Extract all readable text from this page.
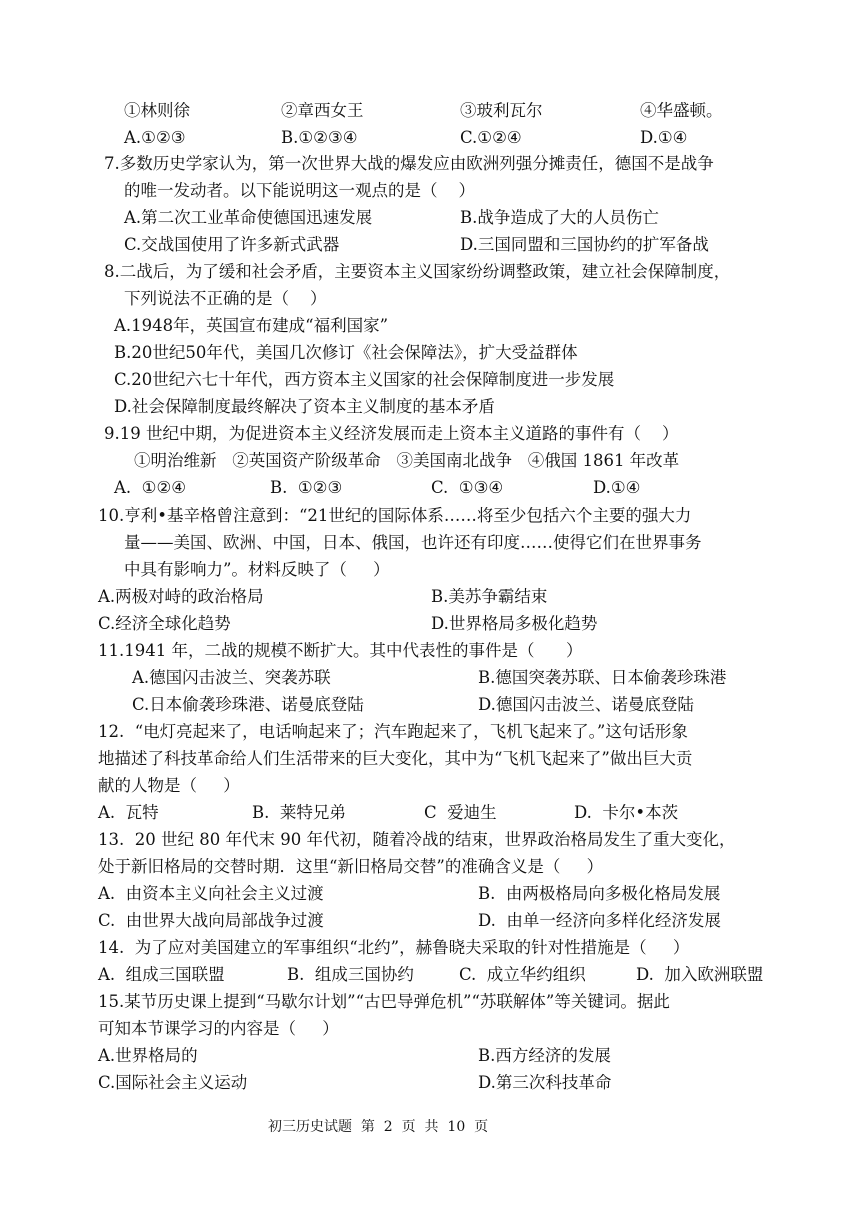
①林则徐	②章西女王	③玻利瓦尔	④华盛顿。

A.①②③	B.①②③④	C.①②④	D.①④

7.多数历史学家认为，第一次世界大战的爆发应由欧洲列强分摊责任，德国不是战争

的唯一发动者。以下能说明这一观点的是（    ）

A.第二次工业革命使德国迅速发展	B.战争造成了大的人员伤亡

C.交战国使用了许多新式武器	D.三国同盟和三国协约的扩军备战

8.二战后，为了缓和社会矛盾，主要资本主义国家纷纷调整政策，建立社会保障制度，

下列说法不正确的是（    ）

A.1948年，英国宣布建成“福利国家”

B.20世纪50年代，美国几次修订《社会保障法》，扩大受益群体

C.20世纪六七十年代，西方资本主义国家的社会保障制度进一步发展

D.社会保障制度最终解决了资本主义制度的基本矛盾

9.19 世纪中期，为促进资本主义经济发展而走上资本主义道路的事件有（    ）

①明治维新   ②英国资产阶级革命   ③美国南北战争   ④俄国 1861 年改革

A.  ①②④	B.  ①②③	C.  ①③④	D.①④

10.亨利•基辛格曾注意到：“21世纪的国际体系……将至少包括六个主要的强大力

量——美国、欧洲、中国，日本、俄国，也许还有印度……使得它们在世界事务

中具有影响力”。材料反映了（     ）

A.两极对峙的政治格局	B.美苏争霸结束

C.经济全球化趋势	D.世界格局多极化趋势

11.1941 年，二战的规模不断扩大。其中代表性的事件是（      ）

A.德国闪击波兰、突袭苏联	B.德国突袭苏联、日本偷袭珍珠港

C.日本偷袭珍珠港、诺曼底登陆	D.德国闪击波兰、诺曼底登陆

12.  “电灯亮起来了，电话响起来了；汽车跑起来了，飞机飞起来了。”这句话形象

地描述了科技革命给人们生活带来的巨大变化，其中为“飞机飞起来了”做出巨大贡

献的人物是（     ）

A.  瓦特	B.  莱特兄弟	C  爱迪生	D.  卡尔•本茨

13.  20 世纪 80 年代末 90 年代初，随着冷战的结束，世界政治格局发生了重大变化，

处于新旧格局的交替时期．这里“新旧格局交替”的准确含义是（     ）

A.  由资本主义向社会主义过渡	B.  由两极格局向多极化格局发展

C.  由世界大战向局部战争过渡	D.  由单一经济向多样化经济发展

14.  为了应对美国建立的军事组织“北约”，赫鲁晓夫采取的针对性措施是（     ）

A.  组成三国联盟	B.  组成三国协约	C.  成立华约组织	D.  加入欧洲联盟

15.某节历史课上提到“马歇尔计划”“古巴导弹危机”“苏联解体”等关键词。据此

可知本节课学习的内容是（     ）

A.世界格局的	B.西方经济的发展

C.国际社会主义运动	D.第三次科技革命

初三历史试题  第  2  页  共  10  页
